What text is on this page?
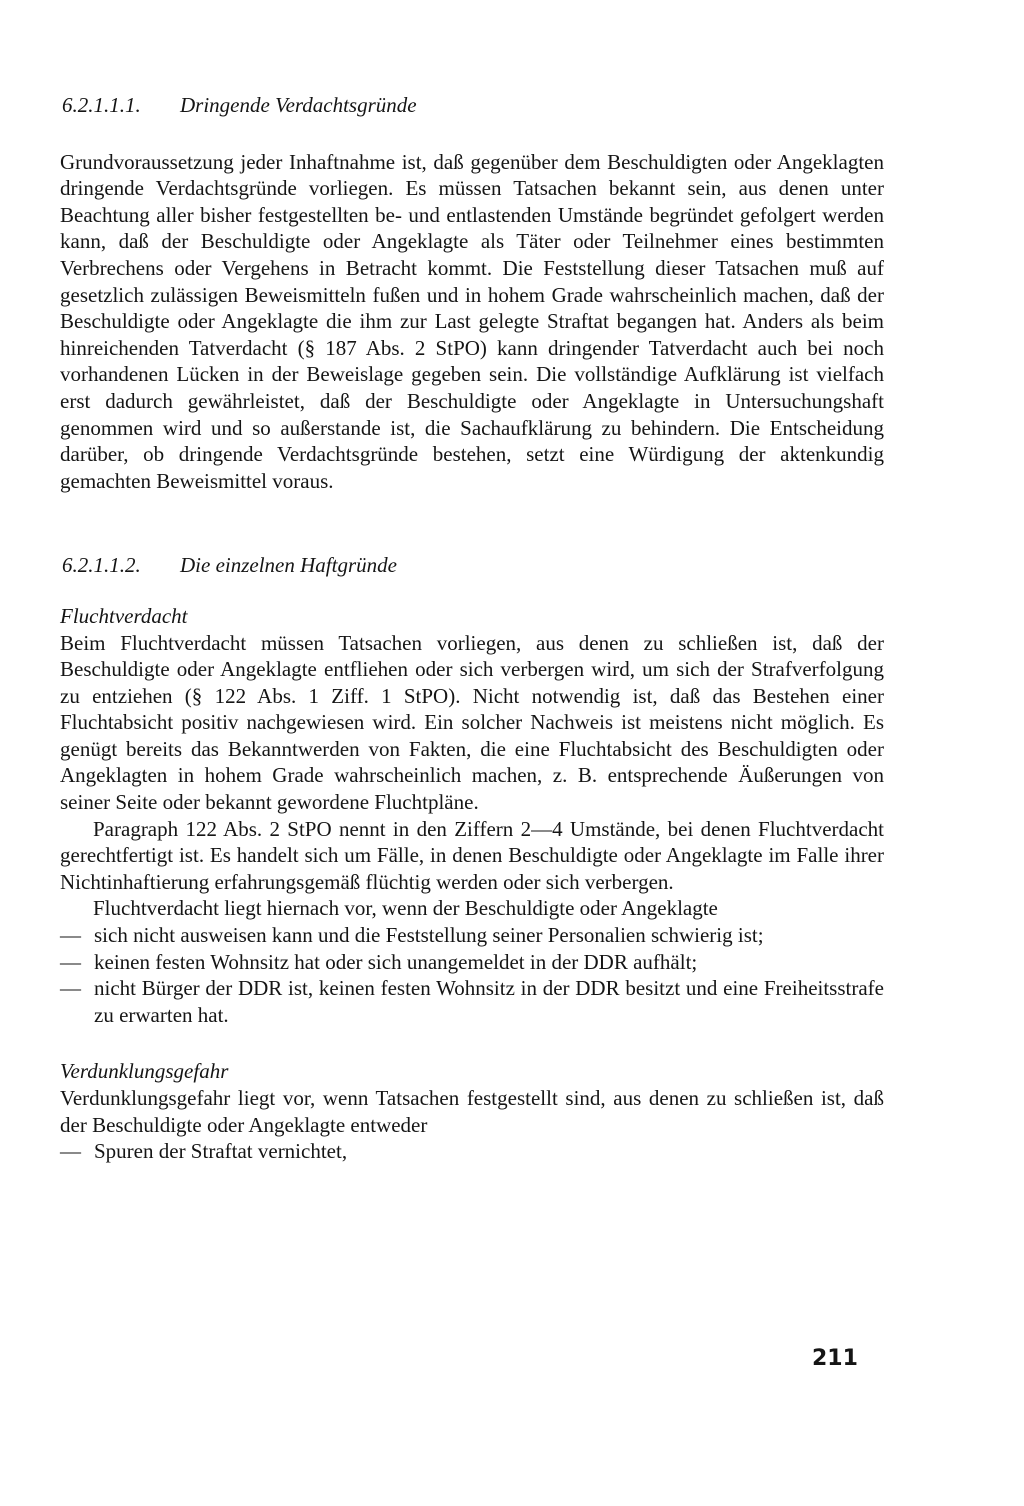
6.2.1.1.1. Dringende Verdachtsgründe

Grundvoraussetzung jeder Inhaftnahme ist, daß gegenüber dem Beschuldigten oder Angeklagten dringende Verdachtsgründe vorliegen. Es müssen Tatsachen bekannt sein, aus denen unter Beachtung aller bisher festgestellten be- und entlastenden Umstände begründet gefolgert werden kann, daß der Beschuldigte oder Angeklagte als Täter oder Teilnehmer eines bestimmten Verbrechens oder Vergehens in Betracht kommt. Die Feststellung dieser Tatsachen muß auf gesetzlich zulässigen Beweismitteln fußen und in hohem Grade wahrscheinlich machen, daß der Beschuldigte oder Angeklagte die ihm zur Last gelegte Straftat begangen hat. Anders als beim hinreichenden Tatverdacht (§ 187 Abs. 2 StPO) kann dringender Tatverdacht auch bei noch vorhandenen Lücken in der Beweislage gegeben sein. Die vollständige Aufklärung ist vielfach erst dadurch gewährleistet, daß der Beschuldigte oder Angeklagte in Untersuchungshaft genommen wird und so außerstande ist, die Sachaufklärung zu behindern. Die Entscheidung darüber, ob dringende Verdachtsgründe bestehen, setzt eine Würdigung der aktenkundig gemachten Beweismittel voraus.

6.2.1.1.2. Die einzelnen Haftgründe
Fluchtverdacht

Beim Fluchtverdacht müssen Tatsachen vorliegen, aus denen zu schließen ist, daß der Beschuldigte oder Angeklagte entfliehen oder sich verbergen wird, um sich der Strafverfolgung zu entziehen (§ 122 Abs. 1 Ziff. 1 StPO). Nicht notwendig ist, daß das Bestehen einer Fluchtabsicht positiv nachgewiesen wird. Ein solcher Nachweis ist meistens nicht möglich. Es genügt bereits das Bekanntwerden von Fakten, die eine Fluchtabsicht des Beschuldigten oder Angeklagten in hohem Grade wahrscheinlich machen, z. B. entsprechende Äußerungen von seiner Seite oder bekannt gewordene Fluchtpläne.

Paragraph 122 Abs. 2 StPO nennt in den Ziffern 2—4 Umstände, bei denen Fluchtverdacht gerechtfertigt ist. Es handelt sich um Fälle, in denen Beschuldigte oder Angeklagte im Falle ihrer Nichtinhaftierung erfahrungsgemäß flüchtig werden oder sich verbergen.

Fluchtverdacht liegt hiernach vor, wenn der Beschuldigte oder Angeklagte

— sich nicht ausweisen kann und die Feststellung seiner Personalien schwierig ist;
— keinen festen Wohnsitz hat oder sich unangemeldet in der DDR aufhält;
— nicht Bürger der DDR ist, keinen festen Wohnsitz in der DDR besitzt und eine Freiheitsstrafe zu erwarten hat.
Verdunklungsgefahr

Verdunklungsgefahr liegt vor, wenn Tatsachen festgestellt sind, aus denen zu schließen ist, daß der Beschuldigte oder Angeklagte entweder

— Spuren der Straftat vernichtet,
211
